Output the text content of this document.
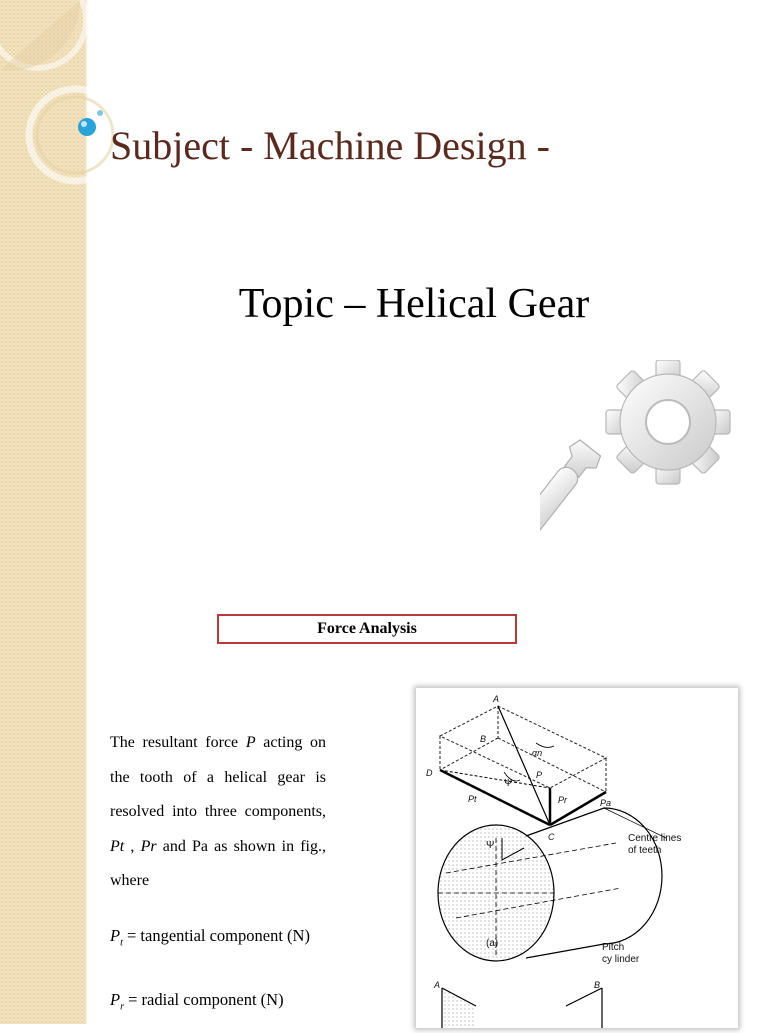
Subject - Machine Design -
Topic – Helical Gear
Force Analysis

The resultant force P acting on the tooth of a helical gear is resolved into three components, Pt , Pr and Pa as shown in fig., where

$P_t$ = tangential component (N)
$P_r$ = radial component (N)
A
B
D
C
Pt	Pr	Pa
P
Ψ
Ψ
αn
Centre lines
of teeth
(a)	Pitch
cy linder
A	B
